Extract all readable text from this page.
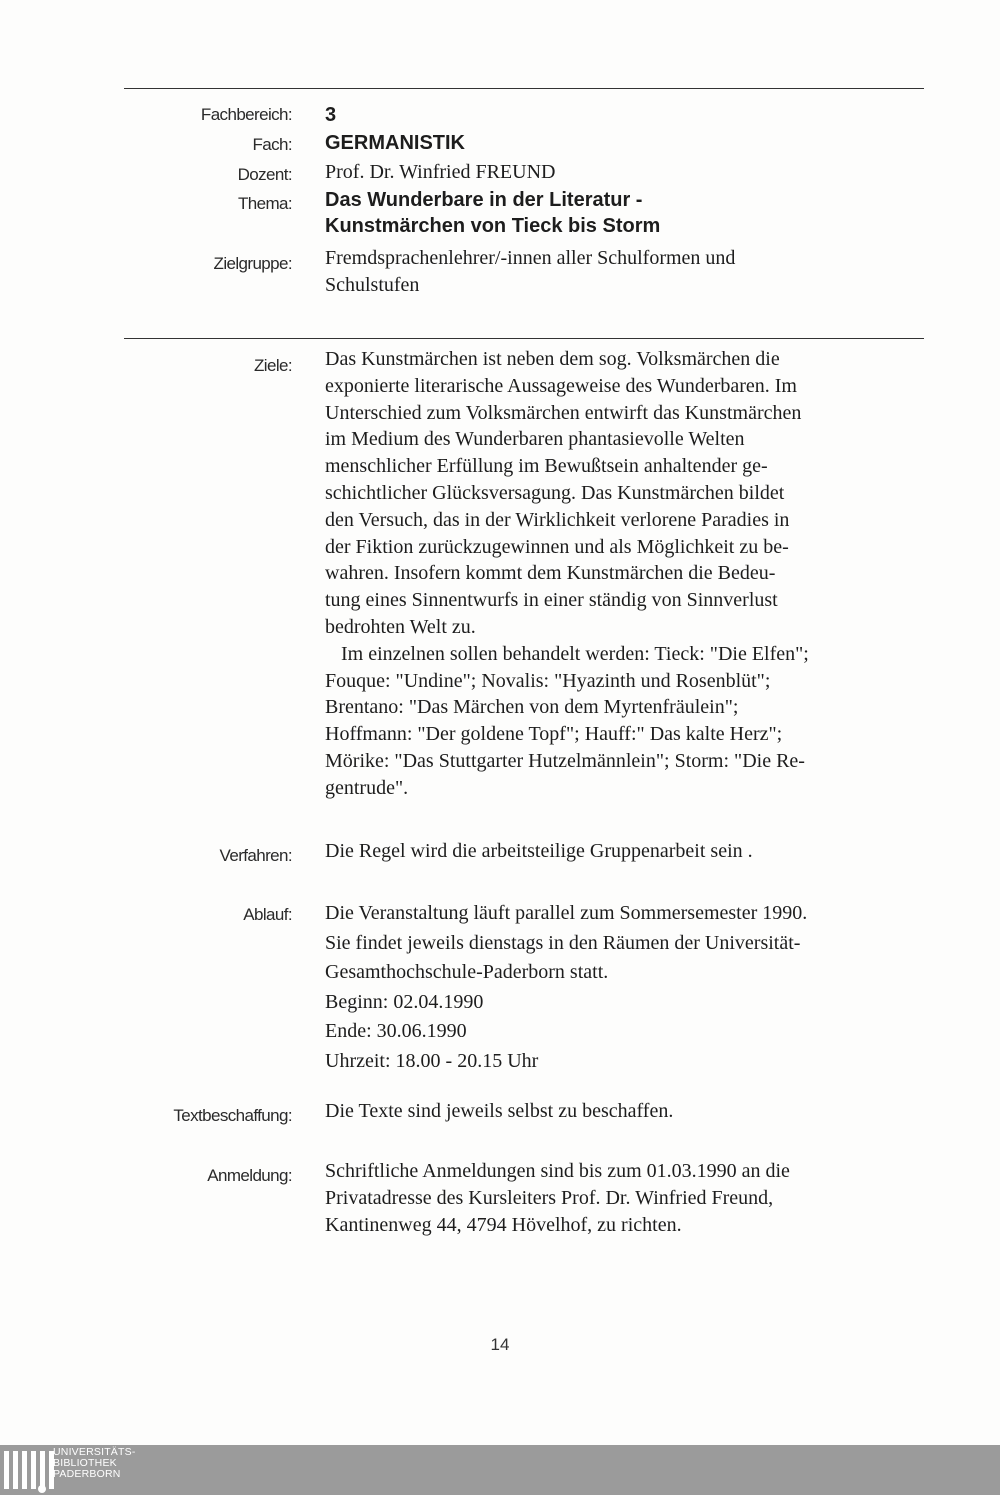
Fachbereich: 3
Fach: GERMANISTIK
Dozent: Prof. Dr. Winfried FREUND
Thema: Das Wunderbare in der Literatur -
Kunstmärchen von Tieck bis Storm
Zielgruppe: Fremdsprachenlehrer/-innen aller Schulformen und
Schulstufen
Ziele: Das Kunstmärchen ist neben dem sog. Volksmärchen die
exponierte literarische Aussageweise des Wunderbaren. Im
Unterschied zum Volksmärchen entwirft das Kunstmärchen
im Medium des Wunderbaren phantasievolle Welten
menschlicher Erfüllung im Bewußtsein anhaltender ge-
schichtlicher Glücksversagung. Das Kunstmärchen bildet
den Versuch, das in der Wirklichkeit verlorene Paradies in
der Fiktion zurückzugewinnen und als Möglichkeit zu be-
wahren. Insofern kommt dem Kunstmärchen die Bedeu-
tung eines Sinnentwurfs in einer ständig von Sinnverlust
bedrohten Welt zu.
Im einzelnen sollen behandelt werden: Tieck: "Die Elfen";
Fouque: "Undine"; Novalis: "Hyazinth und Rosenblüt";
Brentano: "Das Märchen von dem Myrtenfräulein";
Hoffmann: "Der goldene Topf"; Hauff:" Das kalte Herz";
Mörike: "Das Stuttgarter Hutzelmännlein"; Storm: "Die Re-
gentrude".
Verfahren: Die Regel wird die arbeitsteilige Gruppenarbeit sein .
Ablauf: Die Veranstaltung läuft parallel zum Sommersemester 1990.
Sie findet jeweils dienstags in den Räumen der Universität-
Gesamthochschule-Paderborn statt.
Beginn: 02.04.1990
Ende: 30.06.1990
Uhrzeit: 18.00 - 20.15 Uhr
Textbeschaffung: Die Texte sind jeweils selbst zu beschaffen.
Anmeldung: Schriftliche Anmeldungen sind bis zum 01.03.1990 an die
Privatadresse des Kursleiters Prof. Dr. Winfried Freund,
Kantinenweg 44, 4794 Hövelhof, zu richten.
14
UNIVERSITÄTS-
BIBLIOTHEK
PADERBORN
